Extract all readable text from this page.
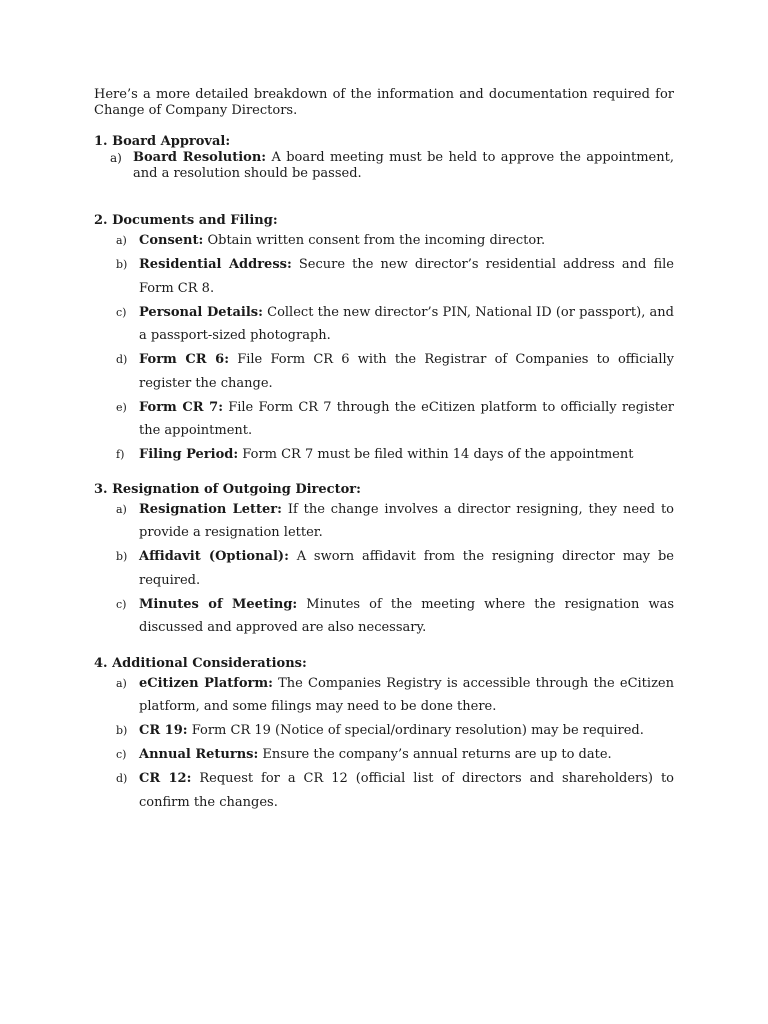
Here’s a more detailed breakdown of the information and documentation required for Change of Company Directors.

1. Board Approval:

a) Board Resolution: A board meeting must be held to approve the appointment, and a resolution should be passed.

2. Documents and Filing:

a) Consent: Obtain written consent from the incoming director.
b) Residential Address: Secure the new director’s residential address and file Form CR 8.
c) Personal Details: Collect the new director’s PIN, National ID (or passport), and a passport-sized photograph.
d) Form CR 6: File Form CR 6 with the Registrar of Companies to officially register the change.
e) Form CR 7: File Form CR 7 through the eCitizen platform to officially register the appointment.
f) Filing Period: Form CR 7 must be filed within 14 days of the appointment

3. Resignation of Outgoing Director:

a) Resignation Letter: If the change involves a director resigning, they need to provide a resignation letter.
b) Affidavit (Optional): A sworn affidavit from the resigning director may be required.
c) Minutes of Meeting: Minutes of the meeting where the resignation was discussed and approved are also necessary.

4. Additional Considerations:

a) eCitizen Platform: The Companies Registry is accessible through the eCitizen platform, and some filings may need to be done there.
b) CR 19: Form CR 19 (Notice of special/ordinary resolution) may be required.
c) Annual Returns: Ensure the company’s annual returns are up to date.
d) CR 12: Request for a CR 12 (official list of directors and shareholders) to confirm the changes.
